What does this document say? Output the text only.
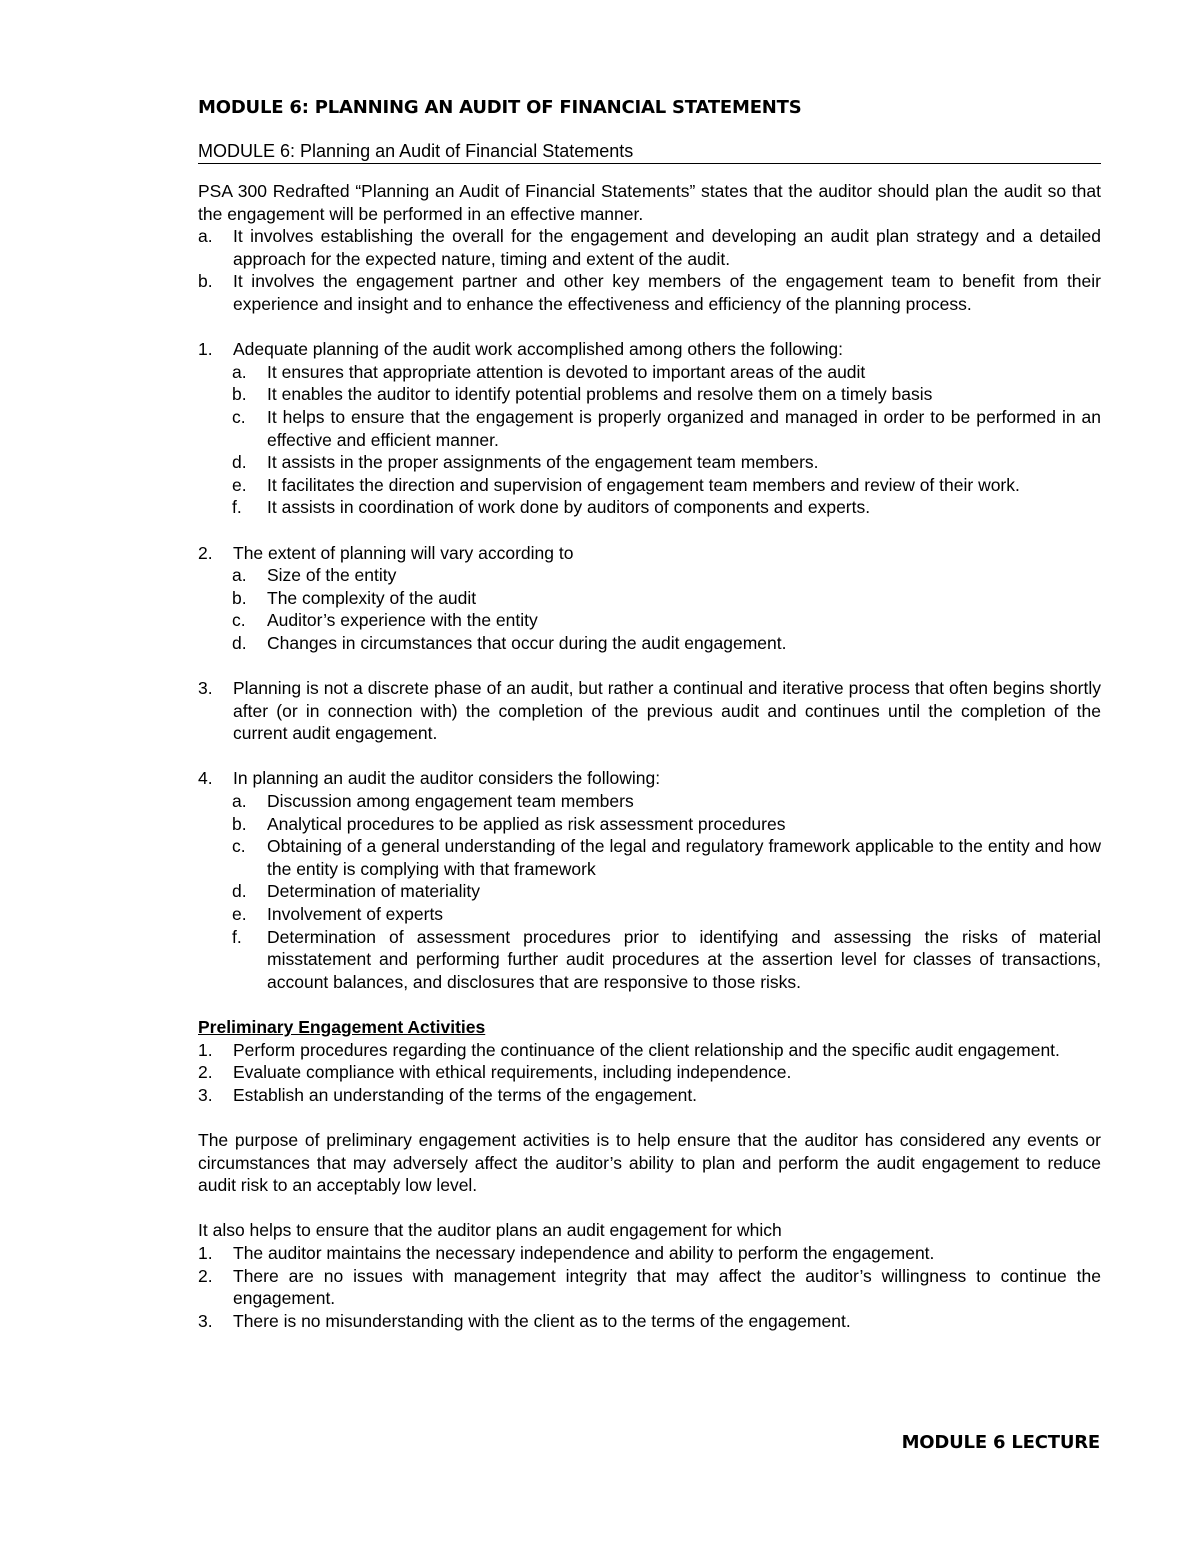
MODULE 6: PLANNING AN AUDIT OF FINANCIAL STATEMENTS
MODULE 6: Planning an Audit of Financial Statements

PSA 300 Redrafted “Planning an Audit of Financial Statements” states that the auditor should plan the audit so that the engagement will be performed in an effective manner.

a.	It involves establishing the overall for the engagement and developing an audit plan strategy and a detailed approach for the expected nature, timing and extent of the audit.
b.	It involves the engagement partner and other key members of the engagement team to benefit from their experience and insight and to enhance the effectiveness and efficiency of the planning process.
1.	Adequate planning of the audit work accomplished among others the following:
a.	It ensures that appropriate attention is devoted to important areas of the audit
b.	It enables the auditor to identify potential problems and resolve them on a timely basis
c.	It helps to ensure that the engagement is properly organized and managed in order to be performed in an effective and efficient manner.
d.	It assists in the proper assignments of the engagement team members.
e.	It facilitates the direction and supervision of engagement team members and review of their work.
f.	It assists in coordination of work done by auditors of components and experts.
2.	The extent of planning will vary according to
a.	Size of the entity
b.	The complexity of the audit
c.	Auditor’s experience with the entity
d.	Changes in circumstances that occur during the audit engagement.
3.	Planning is not a discrete phase of an audit, but rather a continual and iterative process that often begins shortly after (or in connection with) the completion of the previous audit and continues until the completion of the current audit engagement.
4.	In planning an audit the auditor considers the following:
a.	Discussion among engagement team members
b.	Analytical procedures to be applied as risk assessment procedures
c.	Obtaining of a general understanding of the legal and regulatory framework applicable to the entity and how the entity is complying with that framework
d.	Determination of materiality
e.	Involvement of experts
f.	Determination of assessment procedures prior to identifying and assessing the risks of material misstatement and performing further audit procedures at the assertion level for classes of transactions, account balances, and disclosures that are responsive to those risks.
Preliminary Engagement Activities
1.	Perform procedures regarding the continuance of the client relationship and the specific audit engagement.
2.	Evaluate compliance with ethical requirements, including independence.
3.	Establish an understanding of the terms of the engagement.

The purpose of preliminary engagement activities is to help ensure that the auditor has considered any events or circumstances that may adversely affect the auditor’s ability to plan and perform the audit engagement to reduce audit risk to an acceptably low level.

It also helps to ensure that the auditor plans an audit engagement for which

1.	The auditor maintains the necessary independence and ability to perform the engagement.
2.	There are no issues with management integrity that may affect the auditor’s willingness to continue the engagement.
3.	There is no misunderstanding with the client as to the terms of the engagement.
MODULE 6 LECTURE
